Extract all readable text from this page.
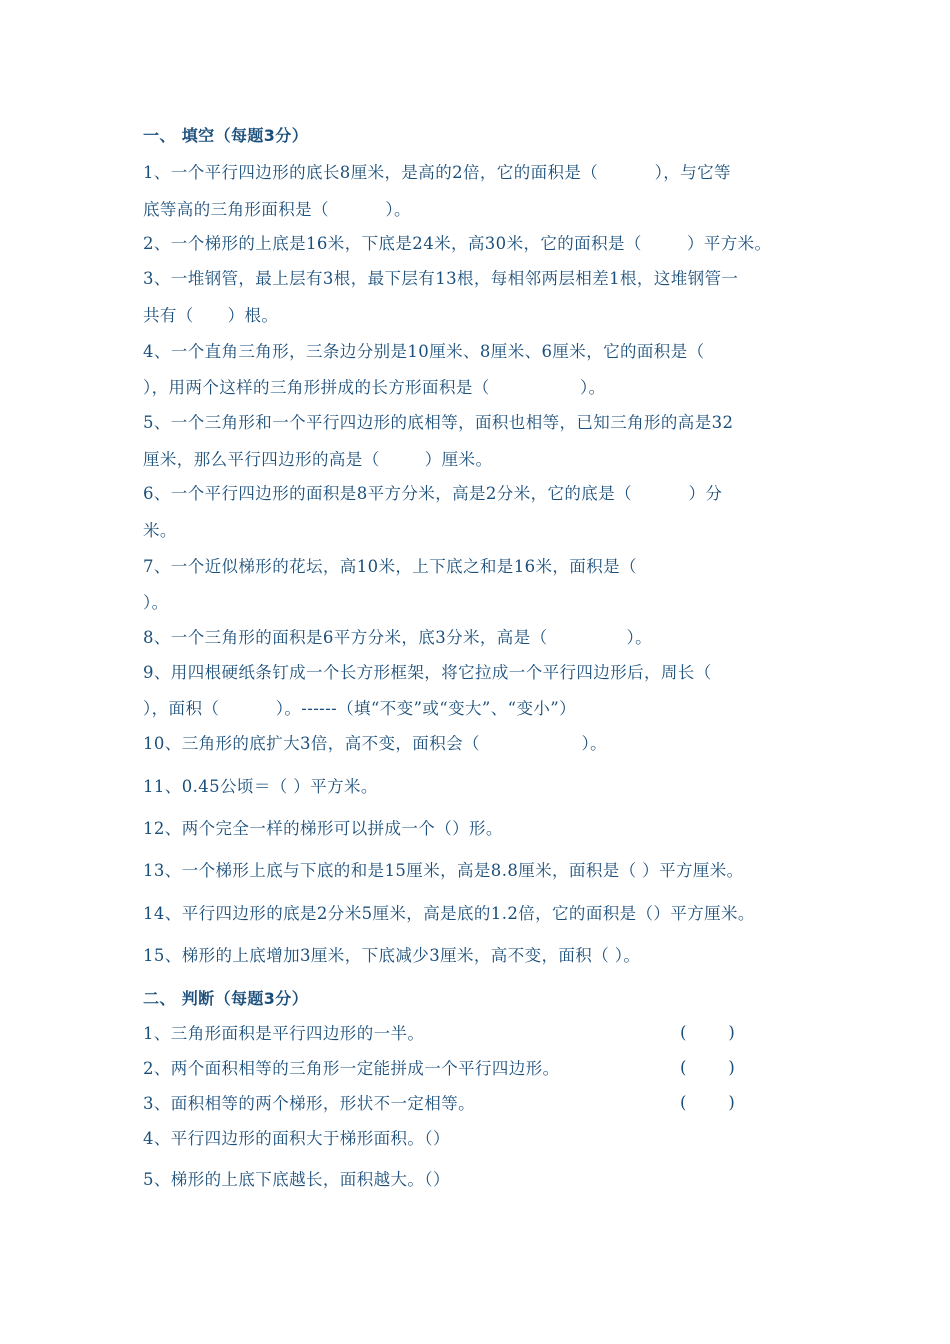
一、 填空（每题3分）
1、一个平行四边形的底长8厘米，是高的2倍，它的面积是（          ），与它等
底等高的三角形面积是（          ）。
2、一个梯形的上底是16米，下底是24米，高30米，它的面积是（        ）平方米。
3、一堆钢管，最上层有3根，最下层有13根，每相邻两层相差1根，这堆钢管一
共有（      ）根。
4、一个直角三角形，三条边分别是10厘米、8厘米、6厘米，它的面积是（
），用两个这样的三角形拼成的长方形面积是（                ）。
5、一个三角形和一个平行四边形的底相等，面积也相等，已知三角形的高是32
厘米，那么平行四边形的高是（        ）厘米。
6、一个平行四边形的面积是8平方分米，高是2分米，它的底是（          ）分
米。
7、一个近似梯形的花坛，高10米，上下底之和是16米，面积是（
）。
8、一个三角形的面积是6平方分米，底3分米，高是（              ）。
9、用四根硬纸条钉成一个长方形框架，将它拉成一个平行四边形后，周长（
），面积（          ）。------（填“不变”或“变大”、“变小”）
10、三角形的底扩大3倍，高不变，面积会（                  ）。
11、0.45公顷＝（ ）平方米。
12、两个完全一样的梯形可以拼成一个（）形。
13、一个梯形上底与下底的和是15厘米，高是8.8厘米，面积是（ ）平方厘米。
14、平行四边形的底是2分米5厘米，高是底的1.2倍，它的面积是（）平方厘米。
15、梯形的上底增加3厘米，下底减少3厘米，高不变，面积（ ）。
二、 判断（每题3分）
1、三角形面积是平行四边形的一半。	(        )
2、两个面积相等的三角形一定能拼成一个平行四边形。	(        )
3、面积相等的两个梯形，形状不一定相等。	(        )
4、平行四边形的面积大于梯形面积。（）
5、梯形的上底下底越长，面积越大。（）
